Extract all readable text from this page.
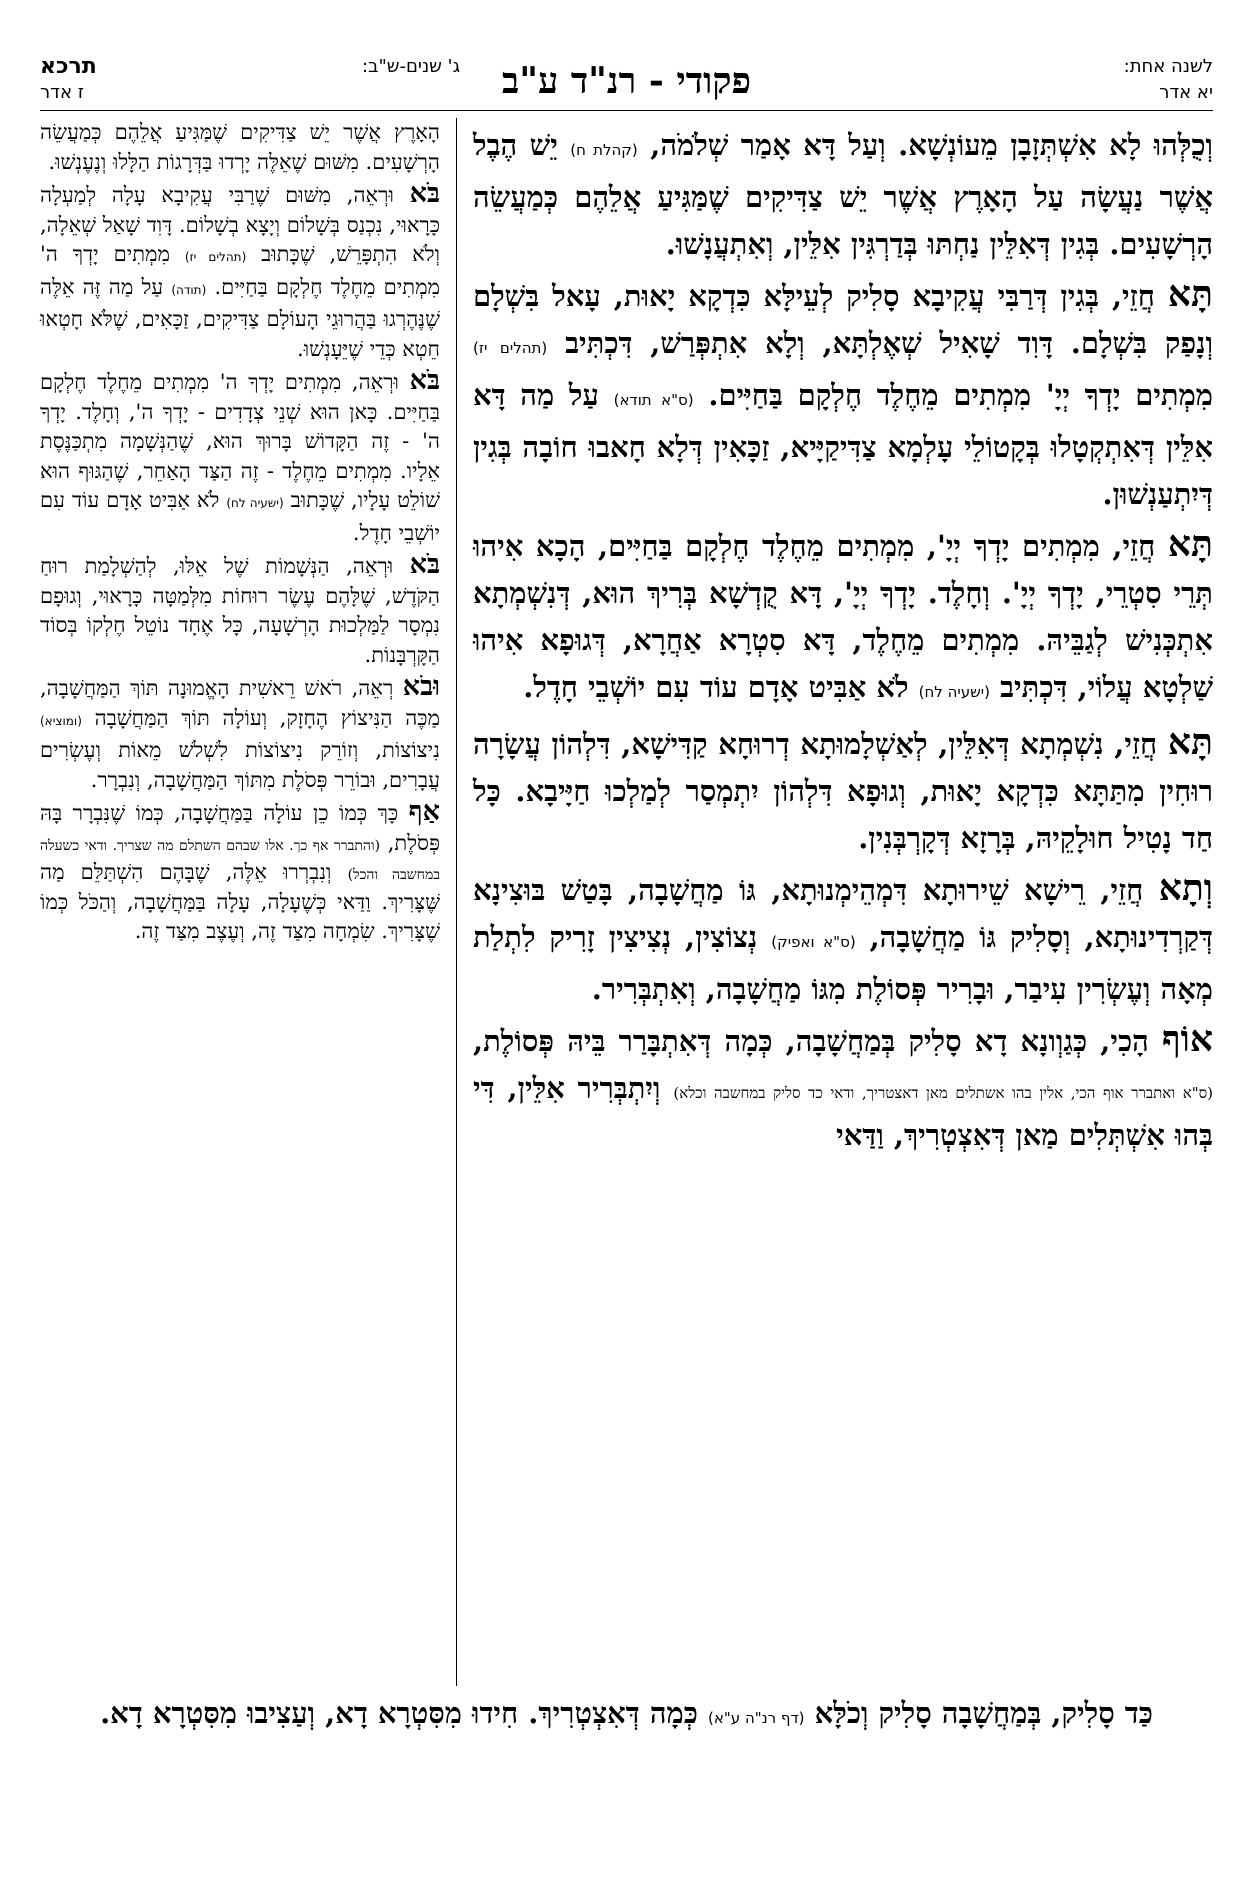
לשנה אחת:
יא אדר
פקודי - רנ"ד ע"ב
ג' שנים-ש"ב:
תרכא
ז אדר

וְכֻלְּהוּ לָא אִשְׁתְּזָבָן מֵעוֹנְשָׁא. וְעַל דָּא אָמַר שְׁלֹמֹה, (קהלת ח) יֵשׁ הֶבֶל אֲשֶׁר נַעֲשָׂה עַל הָאָרֶץ אֲשֶׁר יֵשׁ צַדִּיקִים שֶׁמַּגִּיעַ אֲלֵהֶם כְּמַעֲשֵׂה הָרְשָׁעִים. בְּגִין דְּאִלֵּין נַחְתּוּ בְּדַרְגִּין אִלֵּין, וְאִתְעֲנָשׁוּ.

תָּא חֲזֵי, בְּגִין דְּרַבִּי עֲקִיבָא סָלִיק לְעֵילָּא כִּדְקָא יָאוּת, עָאל בִּשְׁלָם וְנָפַק בִּשְׁלָם. דָּוִד שָׁאִיל שְׁאֶלְתָּא, וְלָא אִתְפְּרַשׁ, דִּכְתִּיב (תהלים יז) מִמְתִים יָדְךָ יְיָ' מִמְתִים מֵחֶלֶד חֶלְקָם בַּחַיִּים. (ס"א תודא) עַל מַה דָּא אִלֵּין דְּאִתְקְטָלוּ בְּקָטוֹלֵי עָלְמָא צַדִּיקַיָּיא, זַכָּאִין דְּלָא חָאבוּ חוֹבָה בְּגִין דְּיִתְעַנְשׁוּן.

תָּא חֲזֵי, מִמְתִים יָדְךָ יְיָ', מִמְתִים מֵחֶלֶד חֶלְקָם בַּחַיִּים, הָכָא אִיהוּ תְּרֵי סִטְרֵי, יָדְךָ יְיָ'. וְחָלֶד. יָדְךָ יְיָ', דָּא קֻדְשָׁא בְּרִיךְ הוּא, דְּנִשְׁמְתָא אִתְכְּנִישׁ לְגַבֵּיהּ. מִמְתִים מֵחֶלֶד, דָּא סִטְרָא אַחֲרָא, דְּגוּפָא אִיהוּ שַׁלְטָא עֲלוֹי, דִּכְתִּיב (ישעיה לח) לֹא אַבִּיט אָדָם עוֹד עִם יוֹשְׁבֵי חָדֶל.

תָּא חֲזֵי, נִשְׁמְתָא דְּאִלֵּין, לְאַשְׁלָמוּתָא דְרוּחָא קַדִּישָׁא, דִּלְהוֹן עֲשָׂרָה רוּחִין מִתַּתָּא כִּדְקָא יָאוּת, וְגוּפָא דִּלְהוֹן יִתְמְסַר לְמַלְכוּ חַיָּיבָא. כָּל חַד נָטִיל חוּלָקֵיהּ, בְּרָזָא דְּקָרְבְּנִין.

וְתָא חֲזֵי, רֵישָׁא שֵׁירוּתָא דִּמְהֵימְנוּתָא, גּוֹ מַחֲשָׁבָה, בָּטַשׁ בּוּצִינָא דְּקַרְדִינוּתָא, וְסָלִיק גּוֹ מַחֲשָׁבָה, (ס"א ואפיק) נְצוֹצִין, נְצִיצִין זָרִיק לִתְלַת מְאָה וְעֶשְׂרִין עִיבַר, וּבָרִיר פְּסוֹלֶת מִגּוֹ מַחֲשָׁבָה, וְאִתְבְּרִיר.

אוֹף הָכִי, כְּגַוְונָא דָא סָלִיק בְּמַחֲשָׁבָה, כְּמָה דְּאִתְבָּרַר בֵּיהּ פְּסוֹלֶת, (ס"א ואתברר אוף הכי, אלין בהו אשתלים מאן דאצטריך, ודאי כד סליק במחשבה וכלא) וְיִתְבְּרִיר אִלֵּין, דִּי בְּהוּ אִשְׁתְּלִים מַאן דְּאִצְטְרִיךְ, וַדַּאי

הָאָרֶץ אֲשֶׁר יֵשׁ צַדִּיקִים שֶׁמַּגִּיעַ אֲלֵהֶם כְּמַעֲשֵׂה הָרְשָׁעִים. מִשּׁוּם שֶׁאֵלֶּה יָרְדוּ בַּדְּרָגוֹת הַלָּלוּ וְנֶעֶנְשׁוּ.

בֹּא וּרְאֵה, מִשּׁוּם שֶׁרַבִּי עֲקִיבָא עָלָה לְמַעְלָה כָּרָאוּי, נִכְנַס בְּשָׁלוֹם וְיָצָא בְשָׁלוֹם. דָּוִד שָׁאַל שְׁאֵלָה, וְלֹא הִתְפָּרֵשׁ, שֶׁכָּתוּב (תהלים יז) מִמְתִים יָדְךָ ה' מִמְתִים מֵחֶלֶד חֶלְקָם בַּחַיִּים. (תודה) עַל מַה זֶּה אֵלֶּה שֶׁנֶּהֶרְגוּ בַּהֲרוּגֵי הָעוֹלָם צַדִּיקִים, זַכָּאִים, שֶׁלֹּא חָטְאוּ חֵטְא כְּדֵי שֶׁיֵּעָנְשׁוּ.

בֹּא וּרְאֵה, מִמְתִים יָדְךָ ה' מִמְתִים מֵחֶלֶד חֶלְקָם בַּחַיִּים. כָּאן הוּא שְׁנֵי צְדָדִים - יָדְךָ ה', וְחָלֶד. יָדְךָ ה' - זֶה הַקָּדוֹשׁ בָּרוּךְ הוּא, שֶׁהַנְּשָׁמָה מִתְכַּנֶּסֶת אֵלָיו. מִמְתִים מֵחֶלֶד - זֶה הַצַּד הָאַחֵר, שֶׁהַגּוּף הוּא שׁוֹלֵט עָלָיו, שֶׁכָּתוּב (ישעיה לח) לֹא אַבִּיט אָדָם עוֹד עִם יוֹשְׁבֵי חָדֶל.

בֹּא וּרְאֵה, הַנְּשָׁמוֹת שֶׁל אֵלּוּ, לְהַשְׁלָמַת רוּחַ הַקֹּדֶשׁ, שֶׁלָּהֶם עֶשֶׂר רוּחוֹת מִלְּמַטָּה כָּרָאוּי, וְגוּפָם נִמְסָר לַמַּלְכוּת הָרְשָׁעָה, כָּל אֶחָד נוֹטֵל חֶלְקוֹ בְּסוֹד הַקָּרְבָּנוֹת.

וּבֹא רְאֵה, רֹאשׁ רֵאשִׁית הָאֱמוּנָה תּוֹךְ הַמַּחֲשָׁבָה, מַכֶּה הַנִּיצוֹץ הֶחָזָק, וְעוֹלָה תּוֹךְ הַמַּחֲשָׁבָה (ומוציא) נִיצוֹצוֹת, וְזוֹרֵק נִיצוֹצוֹת לִשְׁלֹשׁ מֵאוֹת וְעֶשְׂרִים עֲבָרִים, וּבוֹרֵר פְּסֹלֶת מִתּוֹךְ הַמַּחֲשָׁבָה, וְנִבְרָר.

אַף כָּךְ כְּמוֹ כֵן עוֹלָה בַּמַּחֲשָׁבָה, כְּמוֹ שֶׁנִּבְרָר בָּהּ פְּסֹלֶת, (והתברר אף כך. אלו שבהם השתלם מה שצריך. ודאי כשעלה במחשבה והכל) וְנִבְרְרוּ אֵלֶּה, שֶׁבָּהֶם הִשְׁתַּלֵּם מַה שֶּׁצָּרִיךְ. וַדַּאי כְּשֶׁעָלָה, עָלָה בַּמַּחֲשָׁבָה, וְהַכֹּל כְּמוֹ שֶׁצָּרִיךְ. שִׂמְחָה מִצַּד זֶה, וְעֶצֶב מִצַּד זֶה.

כַּד סָלִיק, בְּמַחֲשָׁבָה סָלִיק וְכֹלָּא (דף רנ"ה ע"א) כְּמָה דְּאִצְטְרִיךְ. חִידוּ מִסִּטְרָא דָא, וְעַצִיבוּ מִסִּטְרָא דָא.
